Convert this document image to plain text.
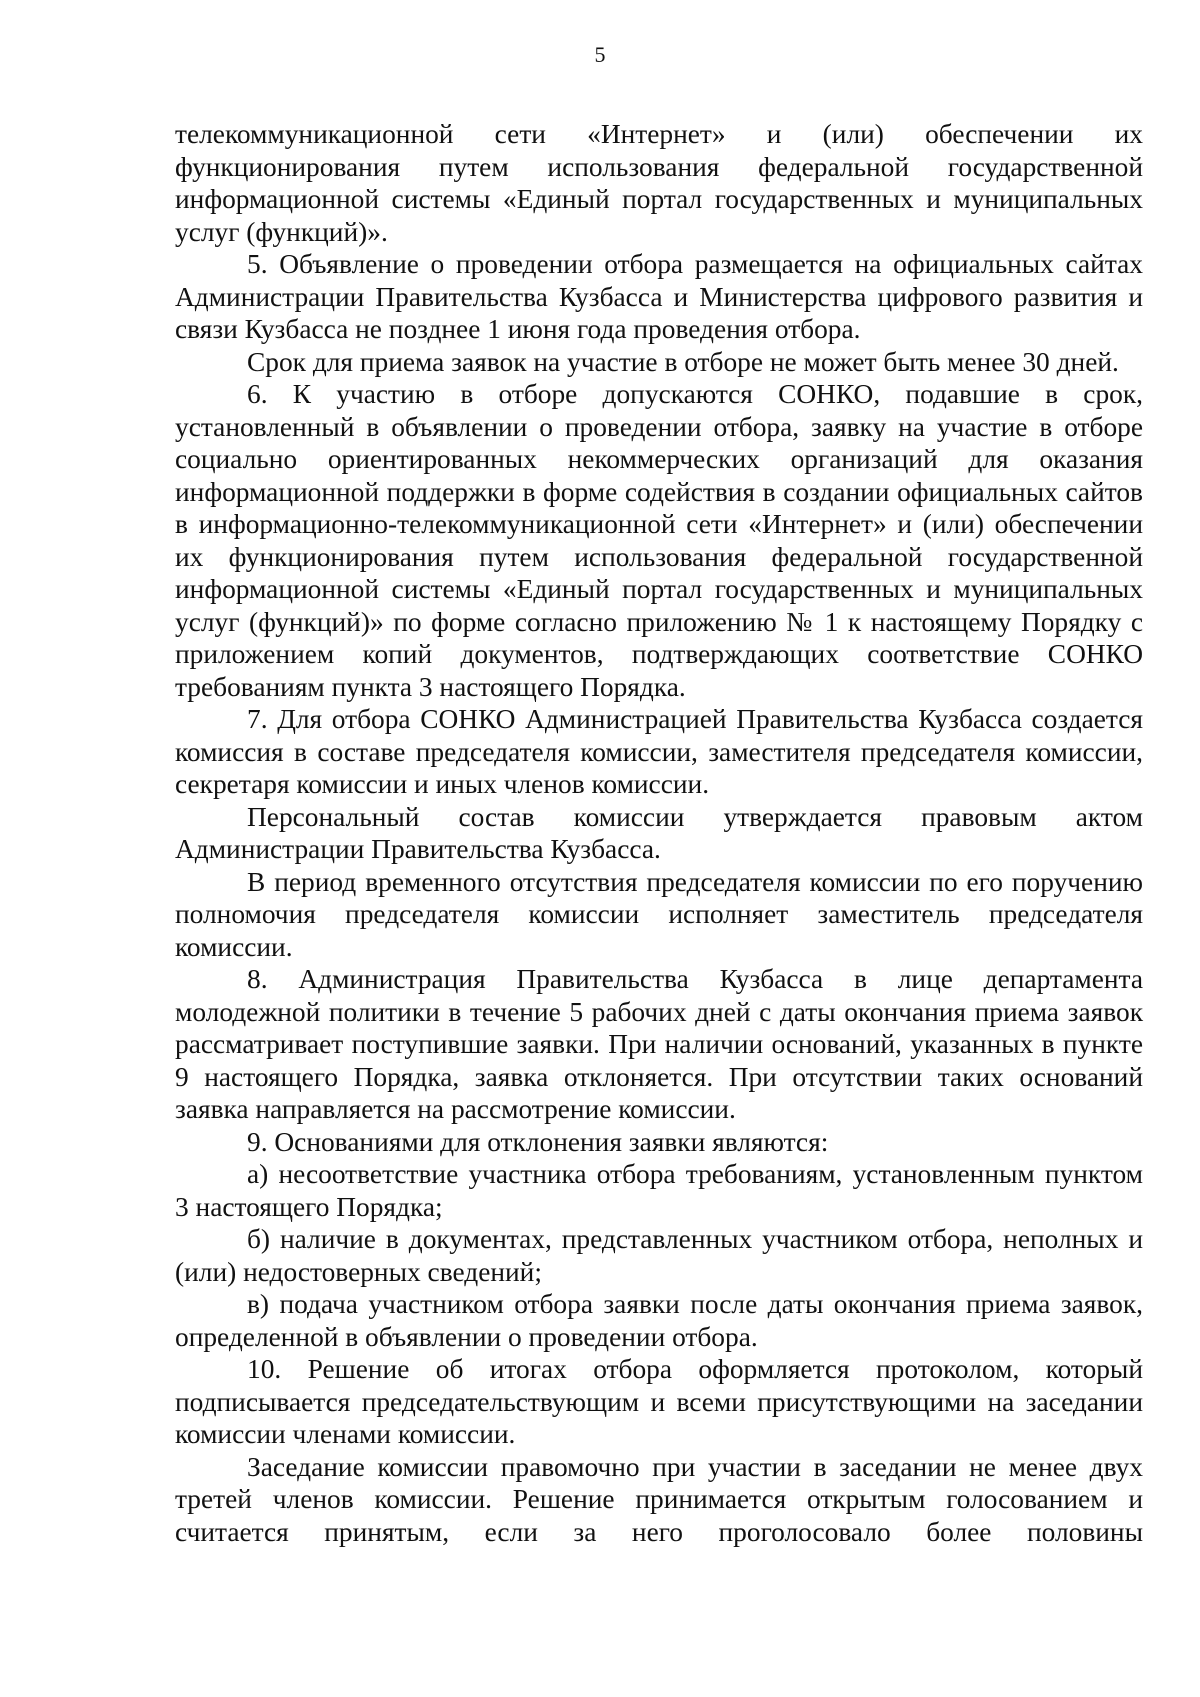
5

телекоммуникационной сети «Интернет» и (или) обеспечении их функционирования путем использования федеральной государственной информационной системы «Единый портал государственных и муниципальных услуг (функций)».

5. Объявление о проведении отбора размещается на официальных сайтах Администрации Правительства Кузбасса и Министерства цифрового развития и связи Кузбасса не позднее 1 июня года проведения отбора.

Срок для приема заявок на участие в отборе не может быть менее 30 дней.

6. К участию в отборе допускаются СОНКО, подавшие в срок, установленный в объявлении о проведении отбора, заявку на участие в отборе социально ориентированных некоммерческих организаций для оказания информационной поддержки в форме содействия в создании официальных сайтов в информационно-телекоммуникационной сети «Интернет» и (или) обеспечении их функционирования путем использования федеральной государственной информационной системы «Единый портал государственных и муниципальных услуг (функций)» по форме согласно приложению № 1 к настоящему Порядку с приложением копий документов, подтверждающих соответствие СОНКО требованиям пункта 3 настоящего Порядка.

7. Для отбора СОНКО Администрацией Правительства Кузбасса создается комиссия в составе председателя комиссии, заместителя председателя комиссии, секретаря комиссии и иных членов комиссии.

Персональный состав комиссии утверждается правовым актом Администрации Правительства Кузбасса.

В период временного отсутствия председателя комиссии по его поручению полномочия председателя комиссии исполняет заместитель председателя комиссии.

8. Администрация Правительства Кузбасса в лице департамента молодежной политики в течение 5 рабочих дней с даты окончания приема заявок рассматривает поступившие заявки. При наличии оснований, указанных в пункте 9 настоящего Порядка, заявка отклоняется. При отсутствии таких оснований заявка направляется на рассмотрение комиссии.

9. Основаниями для отклонения заявки являются:

а) несоответствие участника отбора требованиям, установленным пунктом 3 настоящего Порядка;

б) наличие в документах, представленных участником отбора, неполных и (или) недостоверных сведений;

в) подача участником отбора заявки после даты окончания приема заявок, определенной в объявлении о проведении отбора.

10. Решение об итогах отбора оформляется протоколом, который подписывается председательствующим и всеми присутствующими на заседании комиссии членами комиссии.

Заседание комиссии правомочно при участии в заседании не менее двух третей членов комиссии. Решение принимается открытым голосованием и считается принятым, если за него проголосовало более половины
